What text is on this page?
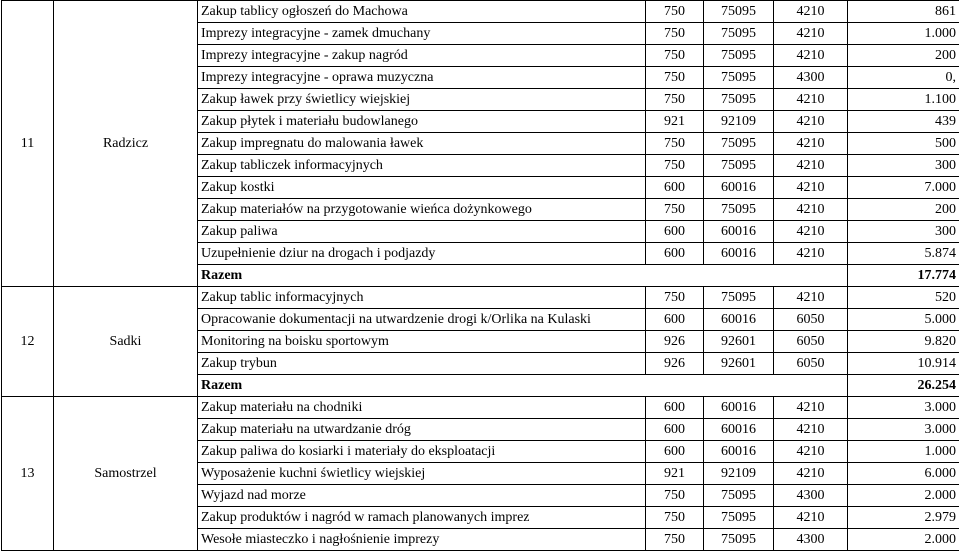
11	Radzicz	Zakup tablicy ogłoszeń do Machowa	750	75095	4210	861
		Imprezy integracyjne - zamek dmuchany	750	75095	4210	1.000
		Imprezy integracyjne - zakup nagród	750	75095	4210	200
		Imprezy integracyjne - oprawa muzyczna	750	75095	4300	0,
		Zakup ławek przy świetlicy wiejskiej	750	75095	4210	1.100
		Zakup płytek i materiału budowlanego	921	92109	4210	439
		Zakup impregnatu do malowania ławek	750	75095	4210	500
		Zakup tabliczek informacyjnych	750	75095	4210	300
		Zakup kostki	600	60016	4210	7.000
		Zakup materiałów na przygotowanie wieńca dożynkowego	750	75095	4210	200
		Zakup paliwa	600	60016	4210	300
		Uzupełnienie dziur na drogach i podjazdy	600	60016	4210	5.874
		Razem				17.774
12	Sadki	Zakup tablic informacyjnych	750	75095	4210	520
		Opracowanie dokumentacji na utwardzenie drogi k/Orlika na Kulaski	600	60016	6050	5.000
		Monitoring na boisku sportowym	926	92601	6050	9.820
		Zakup trybun	926	92601	6050	10.914
		Razem				26.254
13	Samostrzel	Zakup materiału na chodniki	600	60016	4210	3.000
		Zakup materiału na utwardzanie dróg	600	60016	4210	3.000
		Zakup paliwa do kosiarki i materiały do eksploatacji	600	60016	4210	1.000
		Wyposażenie kuchni świetlicy wiejskiej	921	92109	4210	6.000
		Wyjazd nad morze	750	75095	4300	2.000
		Zakup produktów i nagród w ramach planowanych imprez	750	75095	4210	2.979
		Wesołe miasteczko i nagłośnienie imprezy	750	75095	4300	2.000
